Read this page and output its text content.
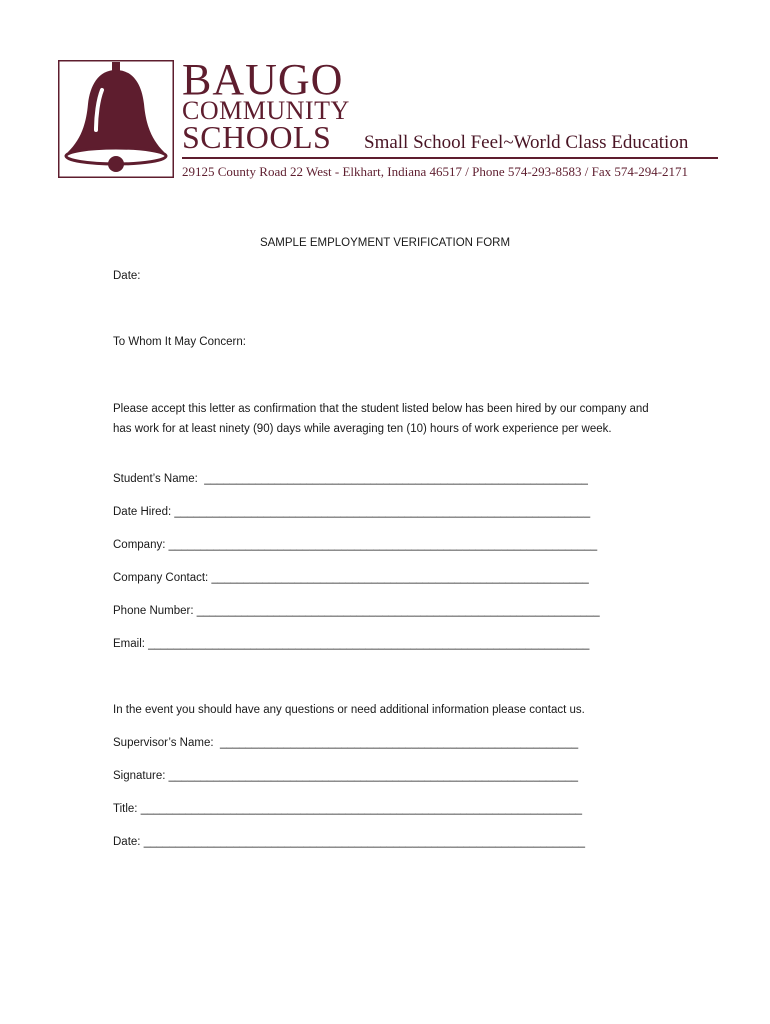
BAUGO
COMMUNITY
SCHOOLS Small School Feel~World Class Education
29125 County Road 22 West - Elkhart, Indiana 46517 / Phone 574-293-8583 / Fax 574-294-2171
SAMPLE EMPLOYMENT VERIFICATION FORM
Date:
To Whom It May Concern:
Please accept this letter as confirmation that the student listed below has been hired by our company and has work for at least ninety (90) days while averaging ten (10) hours of work experience per week.
Student’s Name:  ____________________________________________________________
Date Hired: _________________________________________________________________
Company: ___________________________________________________________________
Company Contact: ___________________________________________________________
Phone Number: _______________________________________________________________
Email: _____________________________________________________________________
In the event you should have any questions or need additional information please contact us.
Supervisor’s Name:  ________________________________________________________
Signature: ________________________________________________________________
Title: _____________________________________________________________________
Date: _____________________________________________________________________
